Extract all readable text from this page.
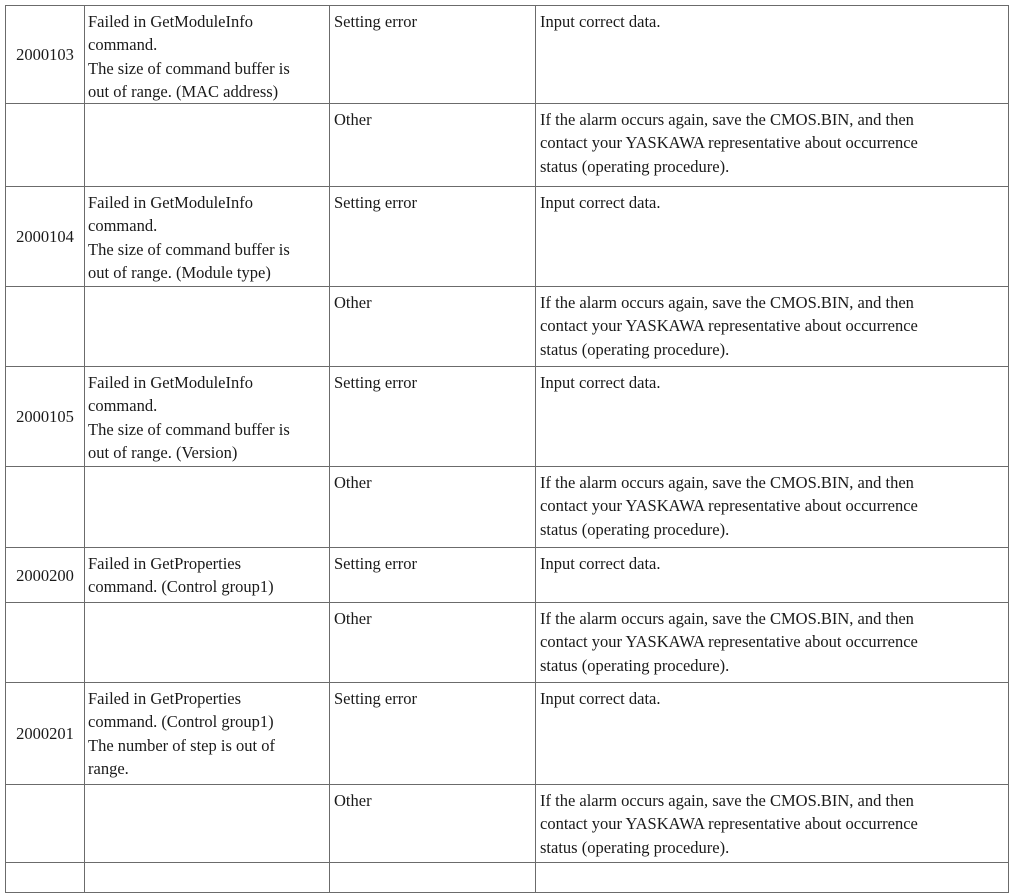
2000103	Failed in GetModuleInfo
command.
The size of command buffer is
out of range. (MAC address)	Setting error	Input correct data.

		Other	If the alarm occurs again, save the CMOS.BIN, and then
contact your YASKAWA representative about occurrence
status (operating procedure).

2000104	Failed in GetModuleInfo
command.
The size of command buffer is
out of range. (Module type)	Setting error	Input correct data.

		Other	If the alarm occurs again, save the CMOS.BIN, and then
contact your YASKAWA representative about occurrence
status (operating procedure).

2000105	Failed in GetModuleInfo
command.
The size of command buffer is
out of range. (Version)	Setting error	Input correct data.

		Other	If the alarm occurs again, save the CMOS.BIN, and then
contact your YASKAWA representative about occurrence
status (operating procedure).

2000200	Failed in GetProperties
command. (Control group1)	Setting error	Input correct data.

		Other	If the alarm occurs again, save the CMOS.BIN, and then
contact your YASKAWA representative about occurrence
status (operating procedure).

2000201	Failed in GetProperties
command. (Control group1)
The number of step is out of
range.	Setting error	Input correct data.

		Other	If the alarm occurs again, save the CMOS.BIN, and then
contact your YASKAWA representative about occurrence
status (operating procedure).
